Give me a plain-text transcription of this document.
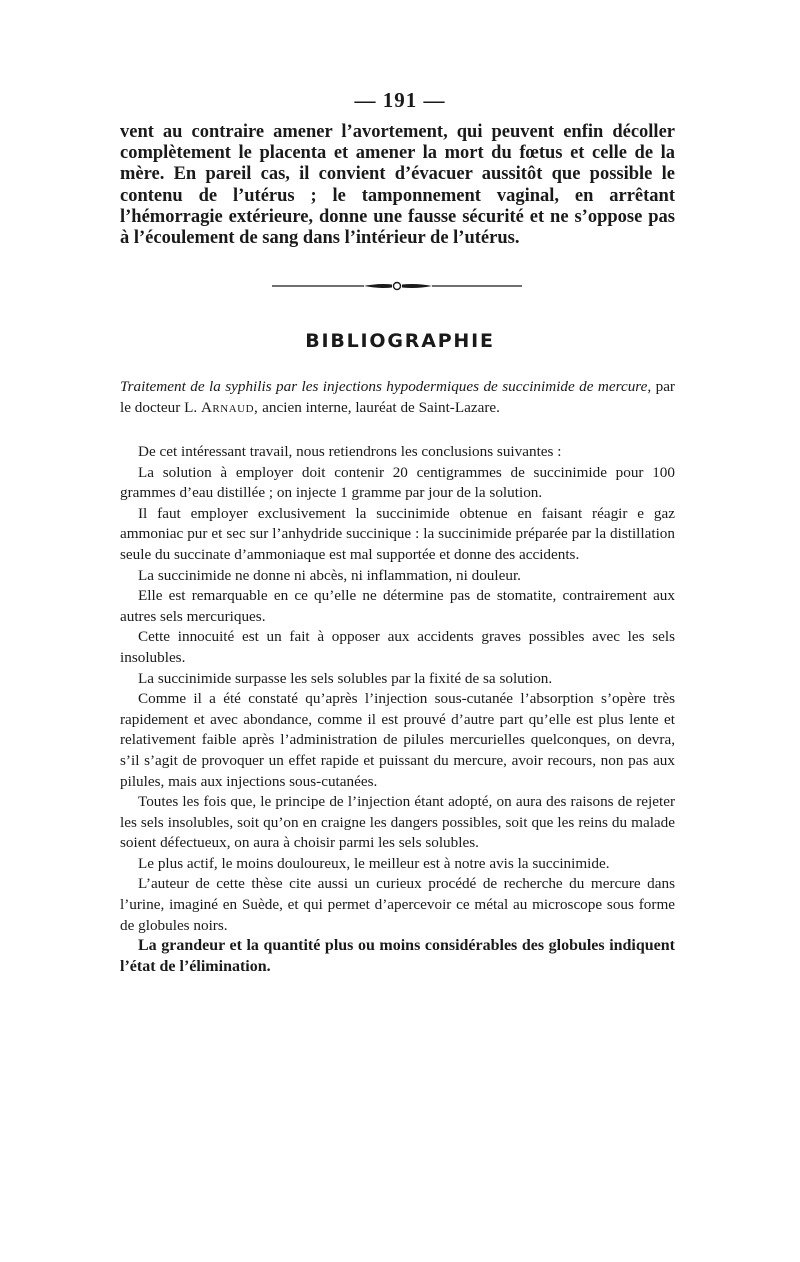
— 191 —

vent au contraire amener l’avortement, qui peuvent enfin décoller complètement le placenta et amener la mort du fœtus et celle de la mère. En pareil cas, il convient d’évacuer aussitôt que possible le contenu de l’utérus ; le tamponnement vaginal, en arrêtant l’hémorragie extérieure, donne une fausse sécurité et ne s’oppose pas à l’écoulement de sang dans l’intérieur de l’utérus.

BIBLIOGRAPHIE

Traitement de la syphilis par les injections hypodermiques de succinimide de mercure, par le docteur L. Arnaud, ancien interne, lauréat de Saint-Lazare.

De cet intéressant travail, nous retiendrons les conclusions suivantes :

La solution à employer doit contenir 20 centigrammes de succinimide pour 100 grammes d’eau distillée ; on injecte 1 gramme par jour de la solution.

Il faut employer exclusivement la succinimide obtenue en faisant réagir e gaz ammoniac pur et sec sur l’anhydride succinique : la succinimide préparée par la distillation seule du succinate d’ammoniaque est mal supportée et donne des accidents.

La succinimide ne donne ni abcès, ni inflammation, ni douleur.

Elle est remarquable en ce qu’elle ne détermine pas de stomatite, contrairement aux autres sels mercuriques.

Cette innocuité est un fait à opposer aux accidents graves possibles avec les sels insolubles.

La succinimide surpasse les sels solubles par la fixité de sa solution.

Comme il a été constaté qu’après l’injection sous-cutanée l’absorption s’opère très rapidement et avec abondance, comme il est prouvé d’autre part qu’elle est plus lente et relativement faible après l’administration de pilules mercurielles quelconques, on devra, s’il s’agit de provoquer un effet rapide et puissant du mercure, avoir recours, non pas aux pilules, mais aux injections sous-cutanées.

Toutes les fois que, le principe de l’injection étant adopté, on aura des raisons de rejeter les sels insolubles, soit qu’on en craigne les dangers possibles, soit que les reins du malade soient défectueux, on aura à choisir parmi les sels solubles.

Le plus actif, le moins douloureux, le meilleur est à notre avis la succinimide.

L’auteur de cette thèse cite aussi un curieux procédé de recherche du mercure dans l’urine, imaginé en Suède, et qui permet d’apercevoir ce métal au microscope sous forme de globules noirs.

La grandeur et la quantité plus ou moins considérables des globules indiquent l’état de l’élimination.
